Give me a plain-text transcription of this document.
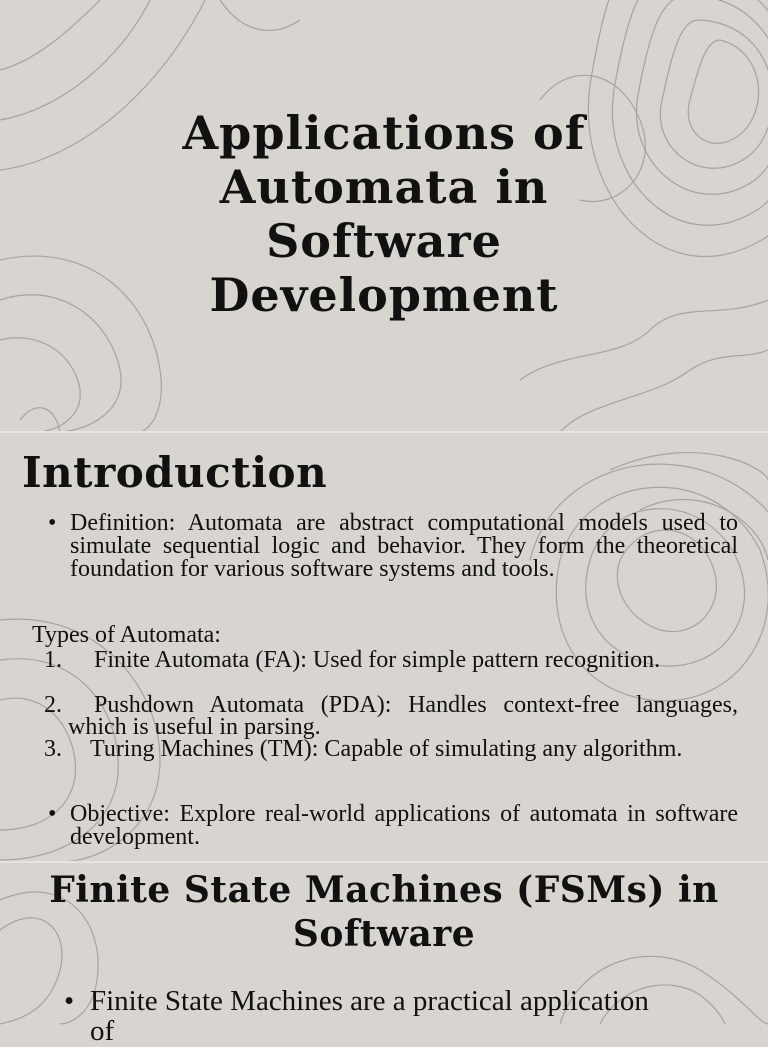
Applications of
Automata in
Software
Development
Introduction
• Definition: Automata are abstract computational models used to simulate sequential logic and behavior. They form the theoretical foundation for various software systems and tools.
Types of Automata:
1.	Finite Automata (FA): Used for simple pattern recognition.
2.	Pushdown Automata (PDA): Handles context-free languages, which is useful in parsing.
3.	Turing Machines (TM): Capable of simulating any algorithm.
• Objective: Explore real-world applications of automata in software development.
Finite State Machines (FSMs) in
Software
• Finite State Machines are a practical application of
